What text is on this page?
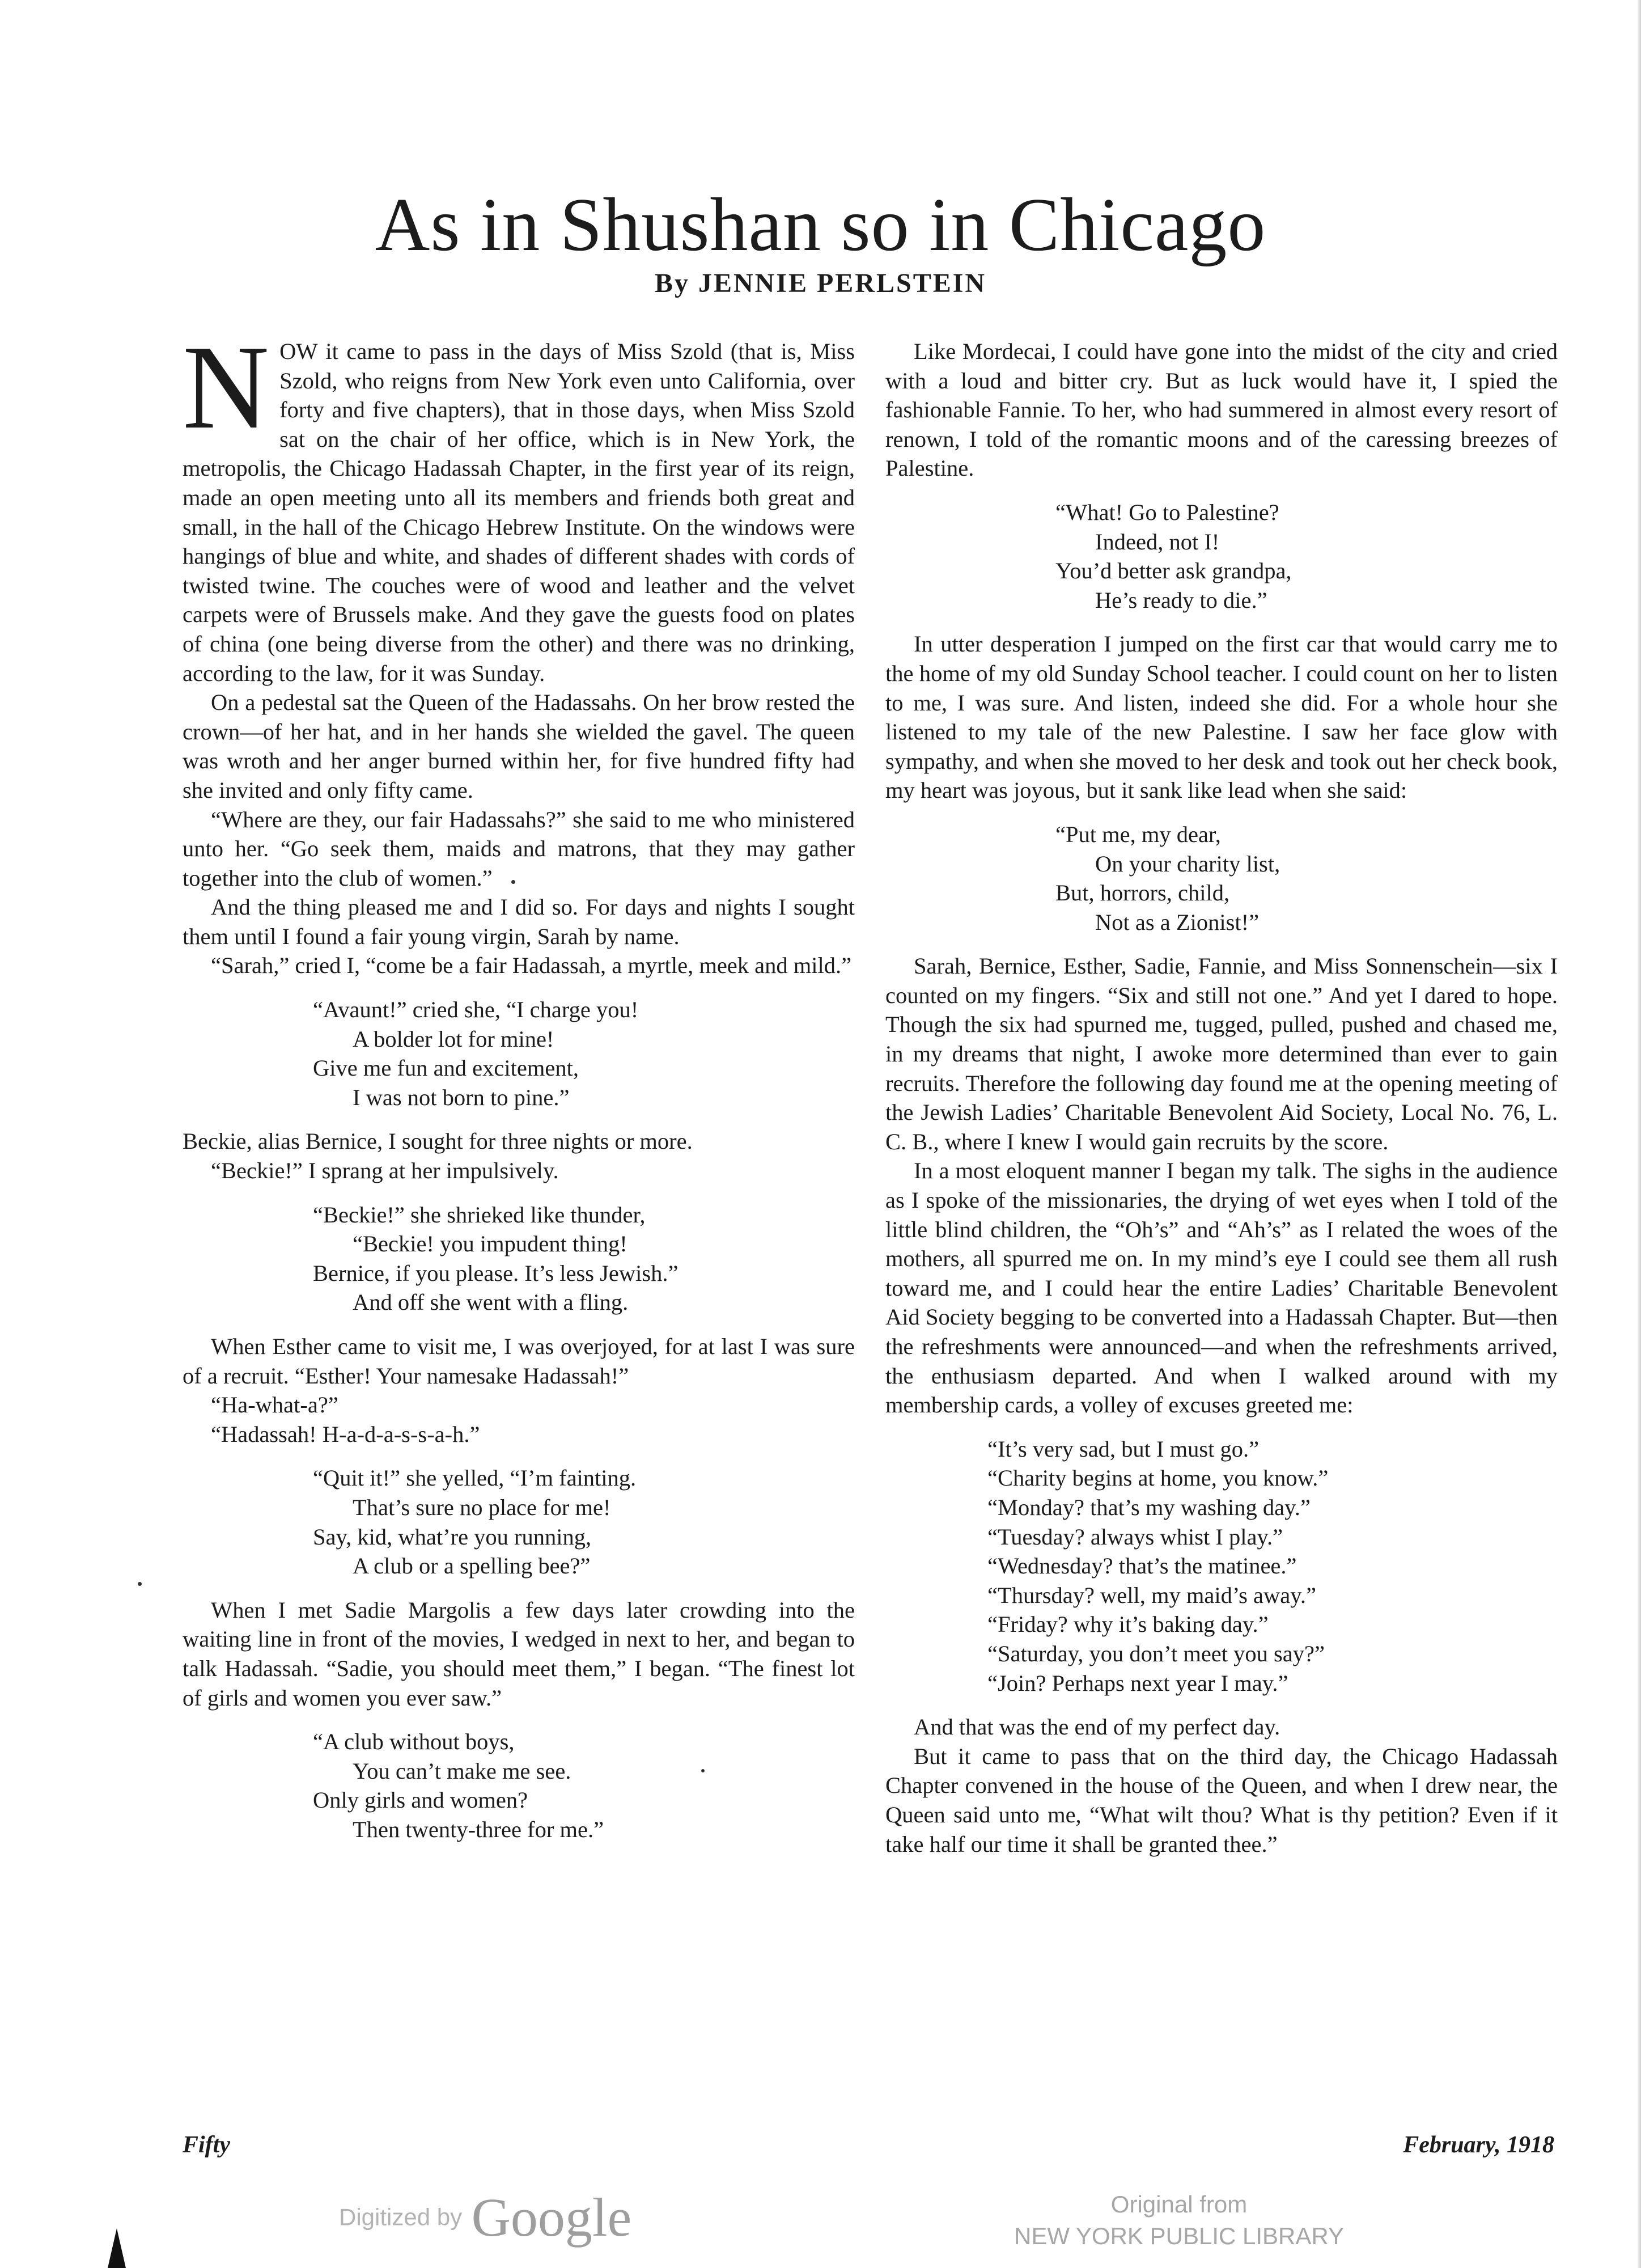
As in Shushan so in Chicago
By JENNIE PERLSTEIN

NOW it came to pass in the days of Miss Szold (that is, Miss Szold, who reigns from New York even unto California, over forty and five chapters), that in those days, when Miss Szold sat on the chair of her office, which is in New York, the metropolis, the Chicago Hadassah Chapter, in the first year of its reign, made an open meeting unto all its members and friends both great and small, in the hall of the Chicago Hebrew Institute. On the windows were hangings of blue and white, and shades of different shades with cords of twisted twine. The couches were of wood and leather and the velvet carpets were of Brussels make. And they gave the guests food on plates of china (one being diverse from the other) and there was no drinking, according to the law, for it was Sunday.

On a pedestal sat the Queen of the Hadassahs. On her brow rested the crown—of her hat, and in her hands she wielded the gavel. The queen was wroth and her anger burned within her, for five hundred fifty had she invited and only fifty came.

“Where are they, our fair Hadassahs?” she said to me who ministered unto her. “Go seek them, maids and matrons, that they may gather together into the club of women.”

And the thing pleased me and I did so. For days and nights I sought them until I found a fair young virgin, Sarah by name.

“Sarah,” cried I, “come be a fair Hadassah, a myrtle, meek and mild.”

“Avaunt!” cried she, “I charge you!
A bolder lot for mine!
Give me fun and excitement,
I was not born to pine.”

Beckie, alias Bernice, I sought for three nights or more.

“Beckie!” I sprang at her impulsively.

“Beckie!” she shrieked like thunder,
“Beckie! you impudent thing!
Bernice, if you please. It’s less Jewish.”
And off she went with a fling.

When Esther came to visit me, I was overjoyed, for at last I was sure of a recruit. “Esther! Your namesake Hadassah!”

“Ha-what-a?”

“Hadassah! H-a-d-a-s-s-a-h.”

“Quit it!” she yelled, “I’m fainting.
That’s sure no place for me!
Say, kid, what’re you running,
A club or a spelling bee?”

When I met Sadie Margolis a few days later crowding into the waiting line in front of the movies, I wedged in next to her, and began to talk Hadassah. “Sadie, you should meet them,” I began. “The finest lot of girls and women you ever saw.”

“A club without boys,
You can’t make me see.
Only girls and women?
Then twenty-three for me.”

Like Mordecai, I could have gone into the midst of the city and cried with a loud and bitter cry. But as luck would have it, I spied the fashionable Fannie. To her, who had summered in almost every resort of renown, I told of the romantic moons and of the caressing breezes of Palestine.

“What! Go to Palestine?
Indeed, not I!
You’d better ask grandpa,
He’s ready to die.”

In utter desperation I jumped on the first car that would carry me to the home of my old Sunday School teacher. I could count on her to listen to me, I was sure. And listen, indeed she did. For a whole hour she listened to my tale of the new Palestine. I saw her face glow with sympathy, and when she moved to her desk and took out her check book, my heart was joyous, but it sank like lead when she said:

“Put me, my dear,
On your charity list,
But, horrors, child,
Not as a Zionist!”

Sarah, Bernice, Esther, Sadie, Fannie, and Miss Sonnenschein—six I counted on my fingers. “Six and still not one.” And yet I dared to hope. Though the six had spurned me, tugged, pulled, pushed and chased me, in my dreams that night, I awoke more determined than ever to gain recruits. Therefore the following day found me at the opening meeting of the Jewish Ladies’ Charitable Benevolent Aid Society, Local No. 76, L. C. B., where I knew I would gain recruits by the score.

In a most eloquent manner I began my talk. The sighs in the audience as I spoke of the missionaries, the drying of wet eyes when I told of the little blind children, the “Oh’s” and “Ah’s” as I related the woes of the mothers, all spurred me on. In my mind’s eye I could see them all rush toward me, and I could hear the entire Ladies’ Charitable Benevolent Aid Society begging to be converted into a Hadassah Chapter. But—then the refreshments were announced—and when the refreshments arrived, the enthusiasm departed. And when I walked around with my membership cards, a volley of excuses greeted me:

“It’s very sad, but I must go.”
“Charity begins at home, you know.”
“Monday? that’s my washing day.”
“Tuesday? always whist I play.”
“Wednesday? that’s the matinee.”
“Thursday? well, my maid’s away.”
“Friday? why it’s baking day.”
“Saturday, you don’t meet you say?”
“Join? Perhaps next year I may.”

And that was the end of my perfect day.

But it came to pass that on the third day, the Chicago Hadassah Chapter convened in the house of the Queen, and when I drew near, the Queen said unto me, “What wilt thou? What is thy petition? Even if it take half our time it shall be granted thee.”

Fifty	February, 1918
Digitized by Google	Original from
NEW YORK PUBLIC LIBRARY
